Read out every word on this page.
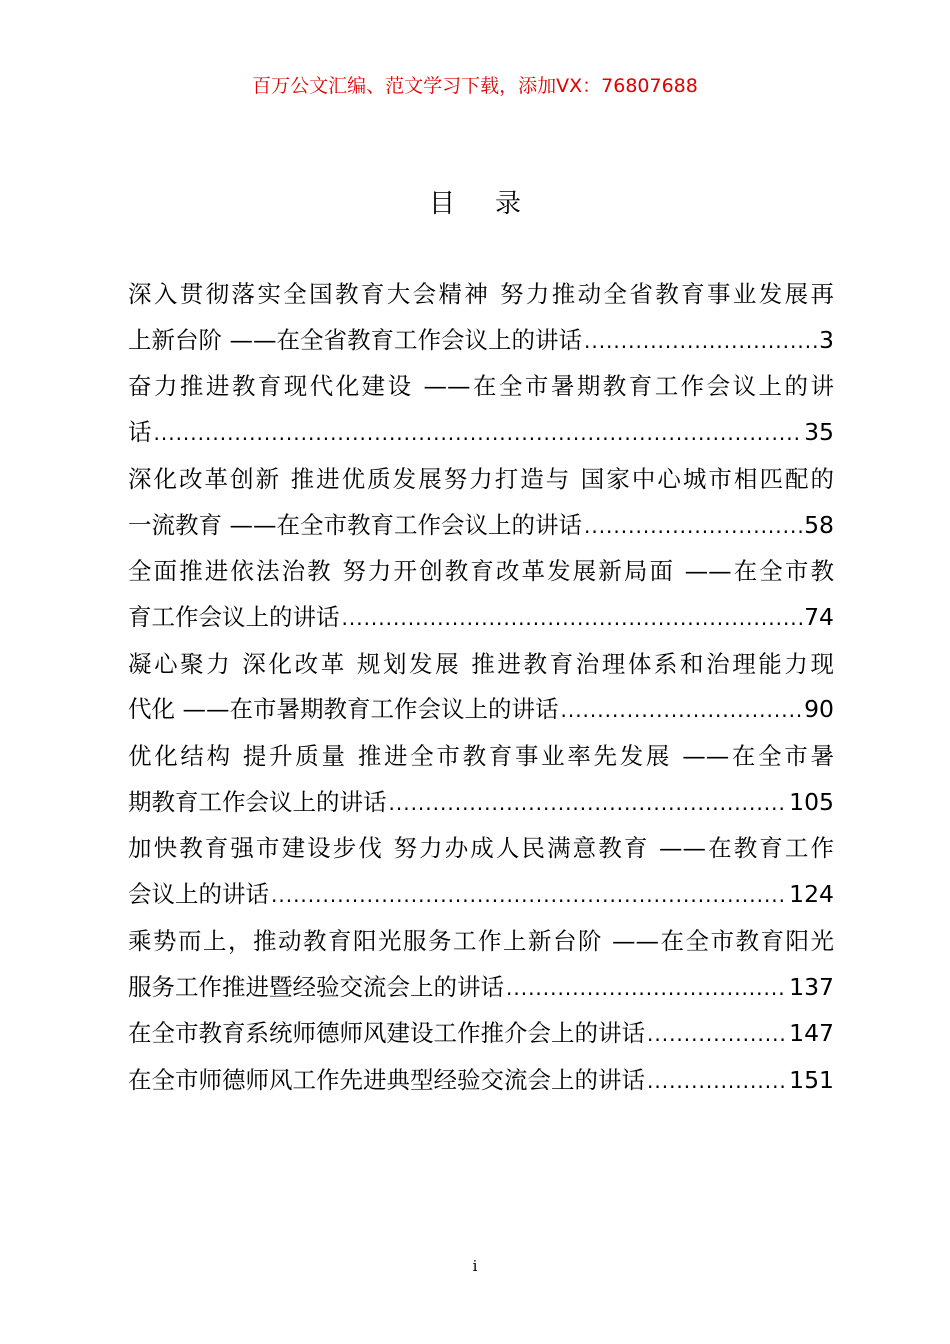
百万公文汇编、范文学习下载，添加VX：76807688
目录
深入贯彻落实全国教育大会精神 努力推动全省教育事业发展再
上新台阶 ——在全省教育工作会议上的讲话 .....	3
奋力推进教育现代化建设 ——在全市暑期教育工作会议上的讲
话 .....	35
深化改革创新 推进优质发展努力打造与 国家中心城市相匹配的
一流教育 ——在全市教育工作会议上的讲话 .....	58
全面推进依法治教 努力开创教育改革发展新局面 ——在全市教
育工作会议上的讲话 .....	74
凝心聚力 深化改革 规划发展 推进教育治理体系和治理能力现
代化 ——在市暑期教育工作会议上的讲话 .....	90
优化结构 提升质量 推进全市教育事业率先发展 ——在全市暑
期教育工作会议上的讲话 .....	105
加快教育强市建设步伐 努力办成人民满意教育 ——在教育工作
会议上的讲话 .....	124
乘势而上，推动教育阳光服务工作上新台阶 ——在全市教育阳光
服务工作推进暨经验交流会上的讲话 .....	137
在全市教育系统师德师风建设工作推介会上的讲话 .....	147
在全市师德师风工作先进典型经验交流会上的讲话 .....	151
i
